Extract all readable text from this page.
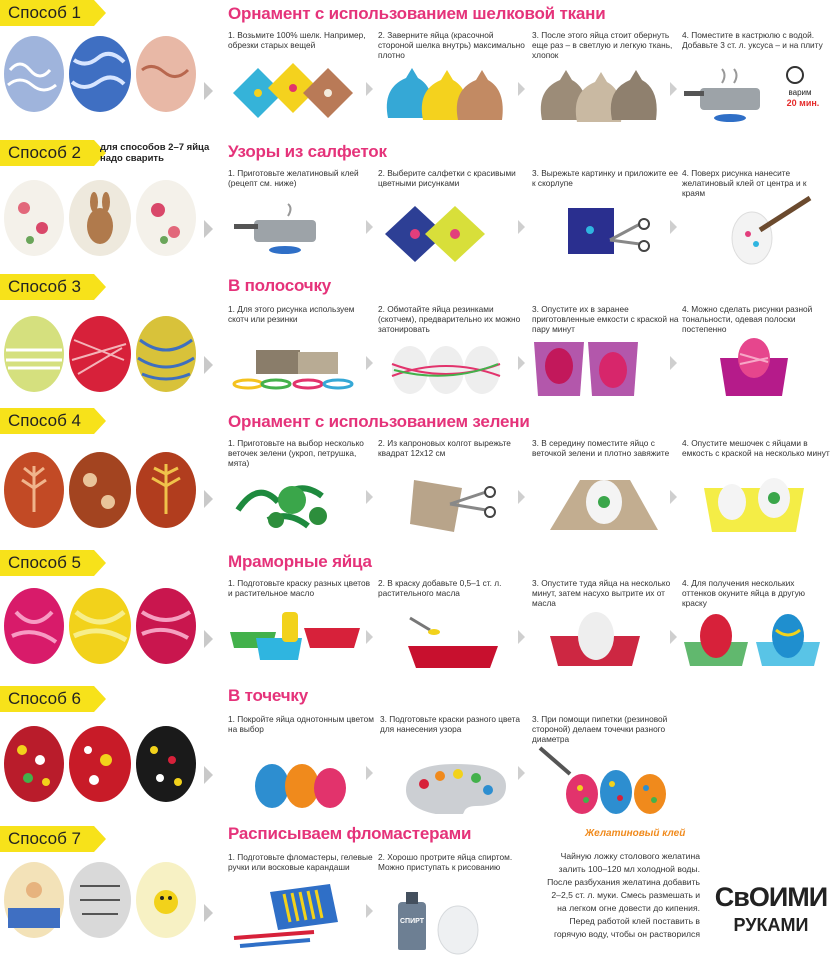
Способ 1	Орнамент с использованием шелковой ткани
1. Возьмите 100% шелк. Например, обрезки старых вещей
2. Заверните яйца (красочной стороной шелка внутрь) максимально плотно
3. После этого яйца стоит обернуть еще раз – в светлую и легкую ткань, хлопок
4. Поместите в кастрюлю с водой. Добавьте 3 ст. л. уксуса – и на плиту
варим
20 мин.
Способ 2	для способов 2–7 яйца надо сварить	Узоры из салфеток
1. Приготовьте желатиновый клей (рецепт см. ниже)
2. Выберите салфетки с красивыми цветными рисунками
3. Вырежьте картинку и приложите ее к скорлупе
4. Поверх рисунка нанесите желатиновый клей от центра и к краям
Способ 3	В полосочку
1. Для этого рисунка используем скотч или резинки
2. Обмотайте яйца резинками (скотчем), предварительно их можно затонировать
3. Опустите их в заранее приготовленные емкости с краской на пару минут
4. Можно сделать рисунки разной тональности, одевая полоски постепенно
Способ 4	Орнамент с использованием зелени
1. Приготовьте на выбор несколько веточек зелени (укроп, петрушка, мята)
2. Из капроновых колгот вырежьте квадрат 12х12 см
3. В середину поместите яйцо с веточкой зелени и плотно завяжите
4. Опустите мешочек с яйцами в емкость с краской на несколько минут
Способ 5	Мраморные яйца
1. Подготовьте краску разных цветов и растительное масло
2. В краску добавьте 0,5–1 ст. л. растительного масла
3. Опустите туда яйца на несколько минут, затем насухо вытрите их от масла
4. Для получения нескольких оттенков окуните яйца в другую краску
Способ 6	В точечку
1. Покройте яйца однотонным цветом на выбор
3. Подготовьте краски разного цвета для нанесения узора
3. При помощи пипетки (резиновой стороной) делаем точечки разного диаметра
Способ 7	Расписываем фломастерами
1. Подготовьте фломастеры, гелевые ручки или восковые карандаши
2. Хорошо протрите яйца спиртом. Можно приступать к рисованию
СПИРТ
Желатиновый клей
Чайную ложку столового желатина залить 100–120 мл холодной воды. После разбухания желатина добавить 2–2,5 ст. л. муки. Смесь размешать и на легком огне довести до кипения. Перед работой клей поставить в горячую воду, чтобы он растворился
СвОИМИ
РУКАМИ
